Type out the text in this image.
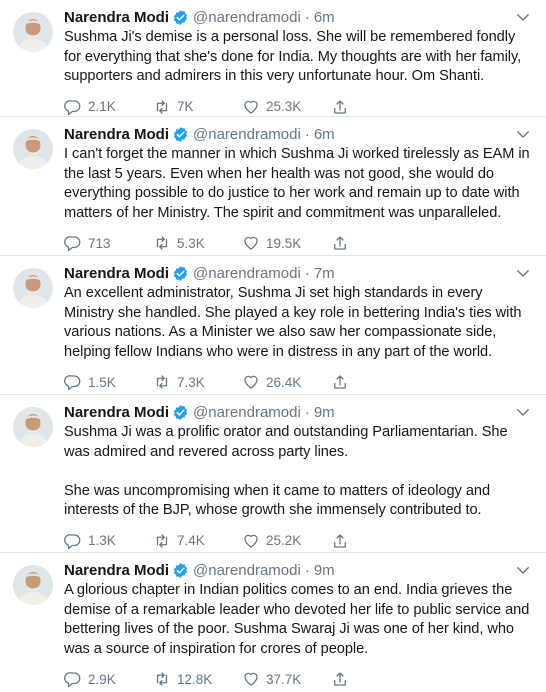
Narendra Modi @narendramodi · 6m
Sushma Ji's demise is a personal loss. She will be remembered fondly for everything that she's done for India. My thoughts are with her family, supporters and admirers in this very unfortunate hour. Om Shanti.
2.1K	7K	25.3K
Narendra Modi @narendramodi · 6m
I can't forget the manner in which Sushma Ji worked tirelessly as EAM in the last 5 years. Even when her health was not good, she would do everything possible to do justice to her work and remain up to date with matters of her Ministry. The spirit and commitment was unparalleled.
713	5.3K	19.5K
Narendra Modi @narendramodi · 7m
An excellent administrator, Sushma Ji set high standards in every Ministry she handled. She played a key role in bettering India's ties with various nations. As a Minister we also saw her compassionate side, helping fellow Indians who were in distress in any part of the world.
1.5K	7.3K	26.4K
Narendra Modi @narendramodi · 9m
Sushma Ji was a prolific orator and outstanding Parliamentarian. She was admired and revered across party lines.

She was uncompromising when it came to matters of ideology and interests of the BJP, whose growth she immensely contributed to.
1.3K	7.4K	25.2K
Narendra Modi @narendramodi · 9m
A glorious chapter in Indian politics comes to an end. India grieves the demise of a remarkable leader who devoted her life to public service and bettering lives of the poor. Sushma Swaraj Ji was one of her kind, who was a source of inspiration for crores of people.
2.9K	12.8K	37.7K
